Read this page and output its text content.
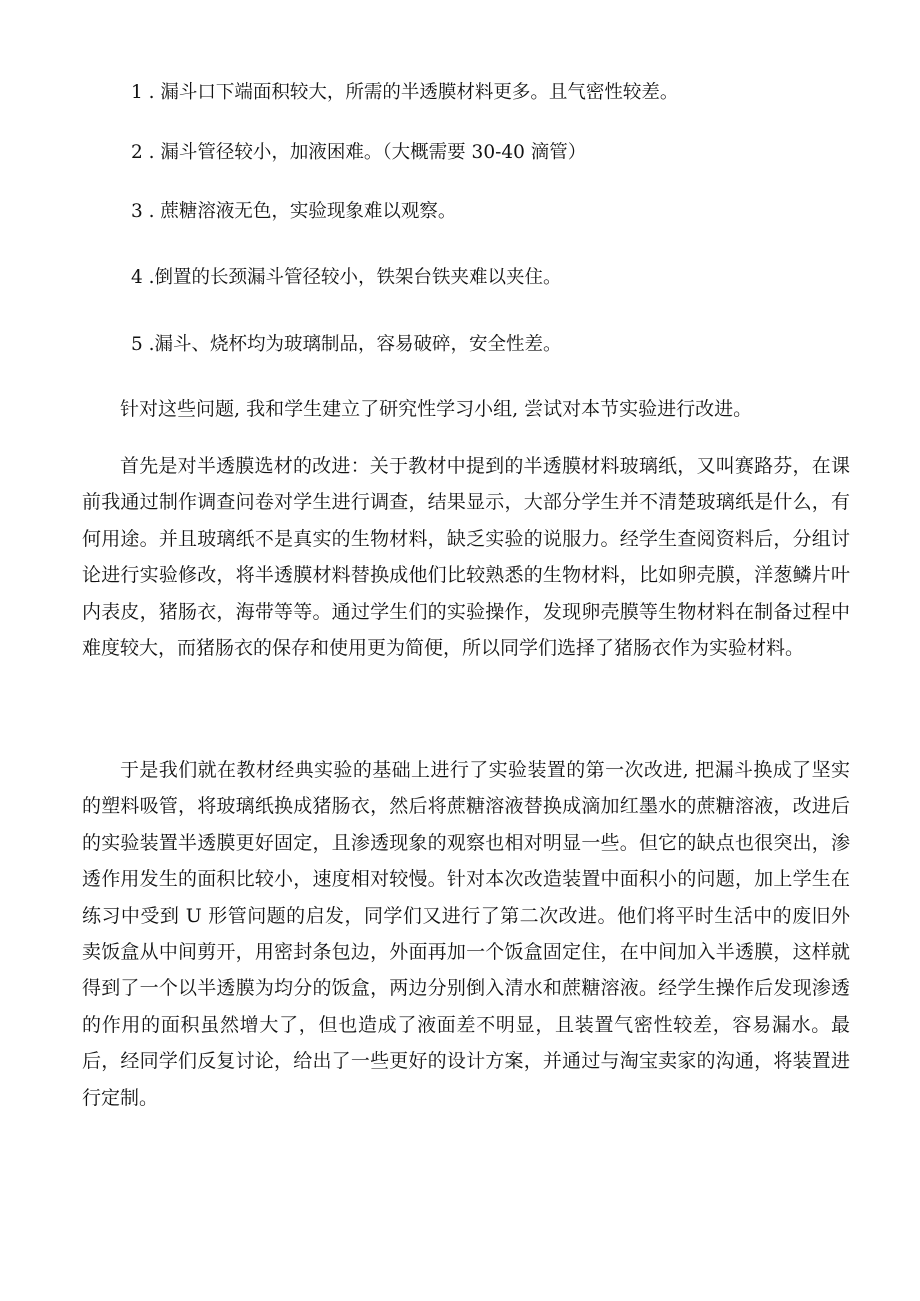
1 . 漏斗口下端面积较大，所需的半透膜材料更多。且气密性较差。
2 . 漏斗管径较小，加液困难。（大概需要 30-40 滴管）
3 . 蔗糖溶液无色，实验现象难以观察。
4 .倒置的长颈漏斗管径较小，铁架台铁夹难以夹住。
5 .漏斗、烧杯均为玻璃制品，容易破碎，安全性差。

针对这些问题, 我和学生建立了研究性学习小组, 尝试对本节实验进行改进。

首先是对半透膜选材的改进：关于教材中提到的半透膜材料玻璃纸，又叫赛路芬，在课前我通过制作调查问卷对学生进行调查，结果显示，大部分学生并不清楚玻璃纸是什么，有何用途。并且玻璃纸不是真实的生物材料，缺乏实验的说服力。经学生查阅资料后，分组讨论进行实验修改，将半透膜材料替换成他们比较熟悉的生物材料，比如卵壳膜，洋葱鳞片叶内表皮，猪肠衣，海带等等。通过学生们的实验操作，发现卵壳膜等生物材料在制备过程中难度较大，而猪肠衣的保存和使用更为简便，所以同学们选择了猪肠衣作为实验材料。

于是我们就在教材经典实验的基础上进行了实验装置的第一次改进, 把漏斗换成了坚实的塑料吸管，将玻璃纸换成猪肠衣，然后将蔗糖溶液替换成滴加红墨水的蔗糖溶液，改进后的实验装置半透膜更好固定，且渗透现象的观察也相对明显一些。但它的缺点也很突出，渗透作用发生的面积比较小，速度相对较慢。针对本次改造装置中面积小的问题，加上学生在练习中受到 U 形管问题的启发，同学们又进行了第二次改进。他们将平时生活中的废旧外卖饭盒从中间剪开，用密封条包边，外面再加一个饭盒固定住，在中间加入半透膜，这样就得到了一个以半透膜为均分的饭盒，两边分别倒入清水和蔗糖溶液。经学生操作后发现渗透的作用的面积虽然增大了，但也造成了液面差不明显，且装置气密性较差，容易漏水。最后，经同学们反复讨论，给出了一些更好的设计方案，并通过与淘宝卖家的沟通，将装置进行定制。
